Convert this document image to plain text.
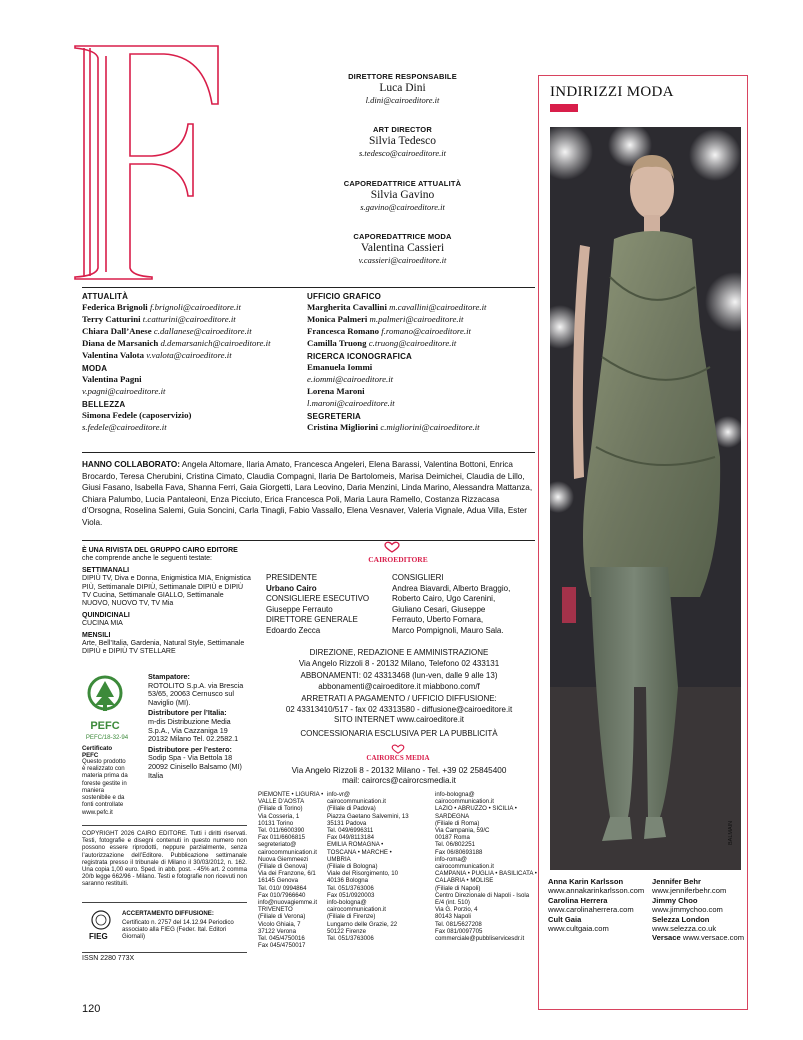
DIRETTORE RESPONSABILE
Luca Dini
l.dini@cairoeditore.it
ART DIRECTOR
Silvia Tedesco
s.tedesco@cairoeditore.it
CAPOREDATTRICE ATTUALITÀ
Silvia Gavino
s.gavino@cairoeditore.it
CAPOREDATTRICE MODA
Valentina Cassieri
v.cassieri@cairoeditore.it
ATTUALITÀ
Federica Brignoli f.brignoli@cairoeditore.it
Terry Catturini t.catturini@cairoeditore.it
Chiara Dall’Anese c.dallanese@cairoeditore.it
Diana de Marsanich d.demarsanich@cairoeditore.it
Valentina Valota v.valota@cairoeditore.it
MODA
Valentina Pagni
v.pagni@cairoeditore.it
BELLEZZA
Simona Fedele (caposervizio)
s.fedele@cairoeditore.it
UFFICIO GRAFICO
Margherita Cavallini m.cavallini@cairoeditore.it
Monica Palmeri m.palmeri@cairoeditore.it
Francesca Romano f.romano@cairoeditore.it
Camilla Truong c.truong@cairoeditore.it
RICERCA ICONOGRAFICA
Emanuela Iommi
e.iommi@cairoeditore.it
Lorena Maroni
l.maroni@cairoeditore.it
SEGRETERIA
Cristina Migliorini c.migliorini@cairoeditore.it
HANNO COLLABORATO: Angela Altomare, Ilaria Amato, Francesca Angeleri, Elena Barassi, Valentina Bottoni, Enrica Brocardo, Teresa Cherubini, Cristina Cimato, Claudia Compagni, Ilaria De Bartolomeis, Marisa Deimichei, Claudia de Lillo, Giusi Fasano, Isabella Fava, Shanna Ferri, Gaia Giorgetti, Lara Leovino, Daria Menzini, Linda Marino, Alessandra Mattanza, Chiara Palumbo, Lucia Pantaleoni, Enza Picciuto, Erica Francesca Poli, Maria Laura Ramello, Costanza Rizzacasa d’Orsogna, Roselina Salemi, Guia Soncini, Carla Tinagli, Fabio Vassallo, Elena Vesnaver, Valeria Vignale, Adua Villa, Ester Viola.
È UNA RIVISTA DEL GRUPPO CAIRO EDITORE
che comprende anche le seguenti testate:
SETTIMANALI
DIPIÙ TV, Diva e Donna, Enigmistica MIA, Enigmistica PIÙ, Settimanale DIPIÙ, Settimanale DIPIÙ e DIPIÙ TV Cucina, Settimanale GIALLO, Settimanale NUOVO, NUOVO TV, TV Mia
QUINDICINALI
CUCINA MIA
MENSILI
Arte, Bell’Italia, Gardenia, Natural Style, Settimanale DIPIÙ e DIPIÙ TV STELLARE
PEFC
PEFC/18-32-94
Certificato PEFC
Questo prodotto è realizzato con materia prima da foreste gestite in maniera sostenibile e da fonti controllate
www.pefc.it
Stampatore:
ROTOLITO S.p.A. via Brescia 53/65, 20063 Cernusco sul Naviglio (MI).
Distributore per l’Italia:
m-dis Distribuzione Media S.p.A., Via Cazzaniga 19 20132 Milano Tel. 02.2582.1
Distributore per l’estero:
Sodip Spa - Via Bettola 18 20092 Cinisello Balsamo (MI) Italia
COPYRIGHT 2026 CAIRO EDITORE. Tutti i diritti riservati. Testi, fotografie e disegni contenuti in questo numero non possono essere riprodotti, neppure parzialmente, senza l’autorizzazione dell’Editore. Pubblicazione settimanale registrata presso il tribunale di Milano il 30/03/2012, n. 162. Una copia 1,00 euro. Sped. in abb. post. - 45% art. 2 comma 20/b legge 662/96 - Milano. Testi e fotografie non ricevuti non saranno restituiti.
FIEG
ACCERTAMENTO DIFFUSIONE:
Certificato n. 2757 del 14.12.94 Periodico associato alla FIEG (Feder. Ital. Editori Giornali)
ISSN 2280 773X
CAIROEDITORE
PRESIDENTE
Urbano Cairo
CONSIGLIERE ESECUTIVO
Giuseppe Ferrauto
DIRETTORE GENERALE
Edoardo Zecca
CONSIGLIERI
Andrea Biavardi, Alberto Braggio,
Roberto Cairo, Ugo Carenini,
Giuliano Cesari, Giuseppe
Ferrauto, Uberto Fornara,
Marco Pompignoli, Mauro Sala.
DIREZIONE, REDAZIONE E AMMINISTRAZIONE
Via Angelo Rizzoli 8 - 20132 Milano, Telefono 02 433131
ABBONAMENTI: 02 43313468 (lun-ven, dalle 9 alle 13)
abbonamenti@cairoeditore.it miabbono.com/f
ARRETRATI A PAGAMENTO / UFFICIO DIFFUSIONE:
02 43313410/517 - fax 02 43313580 - diffusione@cairoeditore.it
SITO INTERNET www.cairoeditore.it
CONCESSIONARIA ESCLUSIVA PER LA PUBBLICITÀ
CAIRORCS MEDIA
Via Angelo Rizzoli 8 - 20132 Milano - Tel. +39 02 25845400
mail: cairorcs@cairorcsmedia.it
PIEMONTE • LIGURIA • VALLE D’AOSTA
(Filiale di Torino)
Via Cosseria, 1
10131 Torino
Tel. 011/6600390
Fax 011/6606815
segreteriato@
cairocommunication.it
Nuova Giemmeezi
(Filiale di Genova)
Via dei Franzone, 6/1
16145 Genova
Tel. 010/ 0994864
Fax 010/7966640
info@nuovagiemme.it
TRIVENETO
(Filiale di Verona)
Vicolo Ghiaia, 7
37122 Verona
Tel. 045/4750016
Fax 045/4750017
info-vr@
cairocommunication.it
(Filiale di Padova)
Piazza Gaetano Salvemini, 13
35131 Padova
Tel. 049/6996311
Fax 049/8113184
EMILIA ROMAGNA • TOSCANA • MARCHE • UMBRIA
(Filiale di Bologna)
Viale del Risorgimento, 10
40136 Bologna
Tel. 051/3763006
Fax 051/0920003
info-bologna@
cairocommunication.it
(Filiale di Firenze)
Lungarno delle Grazie, 22
50122 Firenze
Tel. 051/3763006
info-bologna@
cairocommunication.it
LAZIO • ABRUZZO • SICILIA • SARDEGNA
(Filiale di Roma)
Via Campania, 59/C
00187 Roma
Tel. 06/802251
Fax 06/80693188
info-roma@
cairocommunication.it
CAMPANIA • PUGLIA • BASILICATA • CALABRIA • MOLISE
(Filiale di Napoli)
Centro Direzionale di Napoli - Isola E/4 (int. 510)
Via G. Porzio, 4
80143 Napoli
Tel. 081/5627208
Fax 081/0097705
commerciale@pubbliservicesdr.it
INDIRIZZI MODA
BALMAIN
Anna Karin Karlsson
www.annakarinkarlsson.com
Carolina Herrera
www.carolinaherrera.com
Cult Gaia
www.cultgaia.com
Jennifer Behr
www.jenniferbehr.com
Jimmy Choo
www.jimmychoo.com
Selezza London
www.selezza.co.uk
Versace www.versace.com
120
